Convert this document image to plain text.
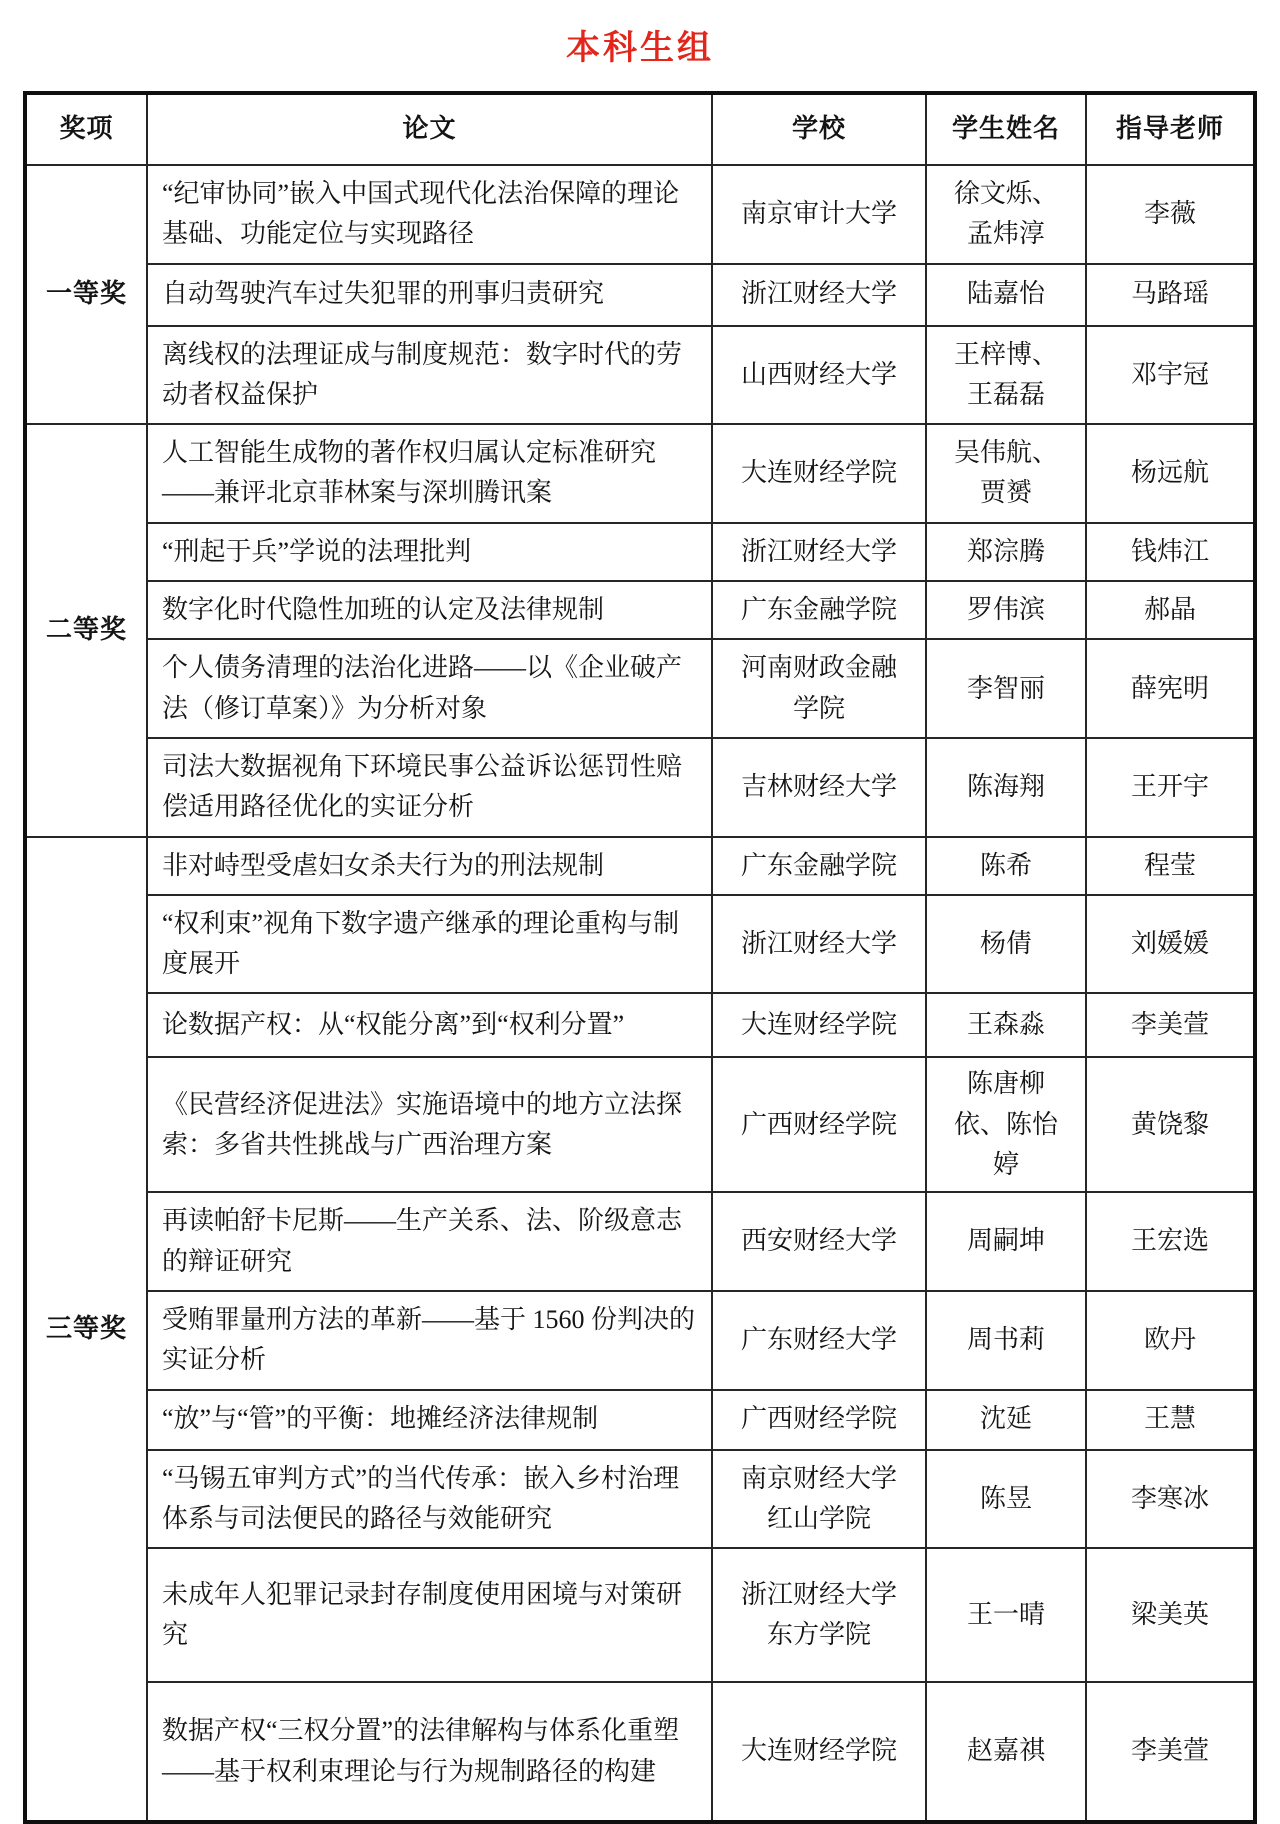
本科生组
奖项	论文	学校	学生姓名	指导老师
一等奖	“纪审协同”嵌入中国式现代化法治保障的理论基础、功能定位与实现路径	南京审计大学	徐文烁、孟炜淳	李薇
	自动驾驶汽车过失犯罪的刑事归责研究	浙江财经大学	陆嘉怡	马路瑶
	离线权的法理证成与制度规范：数字时代的劳动者权益保护	山西财经大学	王梓博、王磊磊	邓宇冠
二等奖	人工智能生成物的著作权归属认定标准研究——兼评北京菲林案与深圳腾讯案	大连财经学院	吴伟航、贾赟	杨远航
	“刑起于兵”学说的法理批判	浙江财经大学	郑淙腾	钱炜江
	数字化时代隐性加班的认定及法律规制	广东金融学院	罗伟滨	郝晶
	个人债务清理的法治化进路——以《企业破产法（修订草案）》为分析对象	河南财政金融学院	李智丽	薛宪明
	司法大数据视角下环境民事公益诉讼惩罚性赔偿适用路径优化的实证分析	吉林财经大学	陈海翔	王开宇
三等奖	非对峙型受虐妇女杀夫行为的刑法规制	广东金融学院	陈希	程莹
	“权利束”视角下数字遗产继承的理论重构与制度展开	浙江财经大学	杨倩	刘媛媛
	论数据产权：从“权能分离”到“权利分置”	大连财经学院	王森淼	李美萱
	《民营经济促进法》实施语境中的地方立法探索：多省共性挑战与广西治理方案	广西财经学院	陈唐柳依、陈怡婷	黄饶黎
	再读帕舒卡尼斯——生产关系、法、阶级意志的辩证研究	西安财经大学	周嗣坤	王宏选
	受贿罪量刑方法的革新——基于 1560 份判决的实证分析	广东财经大学	周书莉	欧丹
	“放”与“管”的平衡：地摊经济法律规制	广西财经学院	沈延	王慧
	“马锡五审判方式”的当代传承：嵌入乡村治理体系与司法便民的路径与效能研究	南京财经大学红山学院	陈昱	李寒冰
	未成年人犯罪记录封存制度使用困境与对策研究	浙江财经大学东方学院	王一晴	梁美英
	数据产权“三权分置”的法律解构与体系化重塑——基于权利束理论与行为规制路径的构建	大连财经学院	赵嘉祺	李美萱
